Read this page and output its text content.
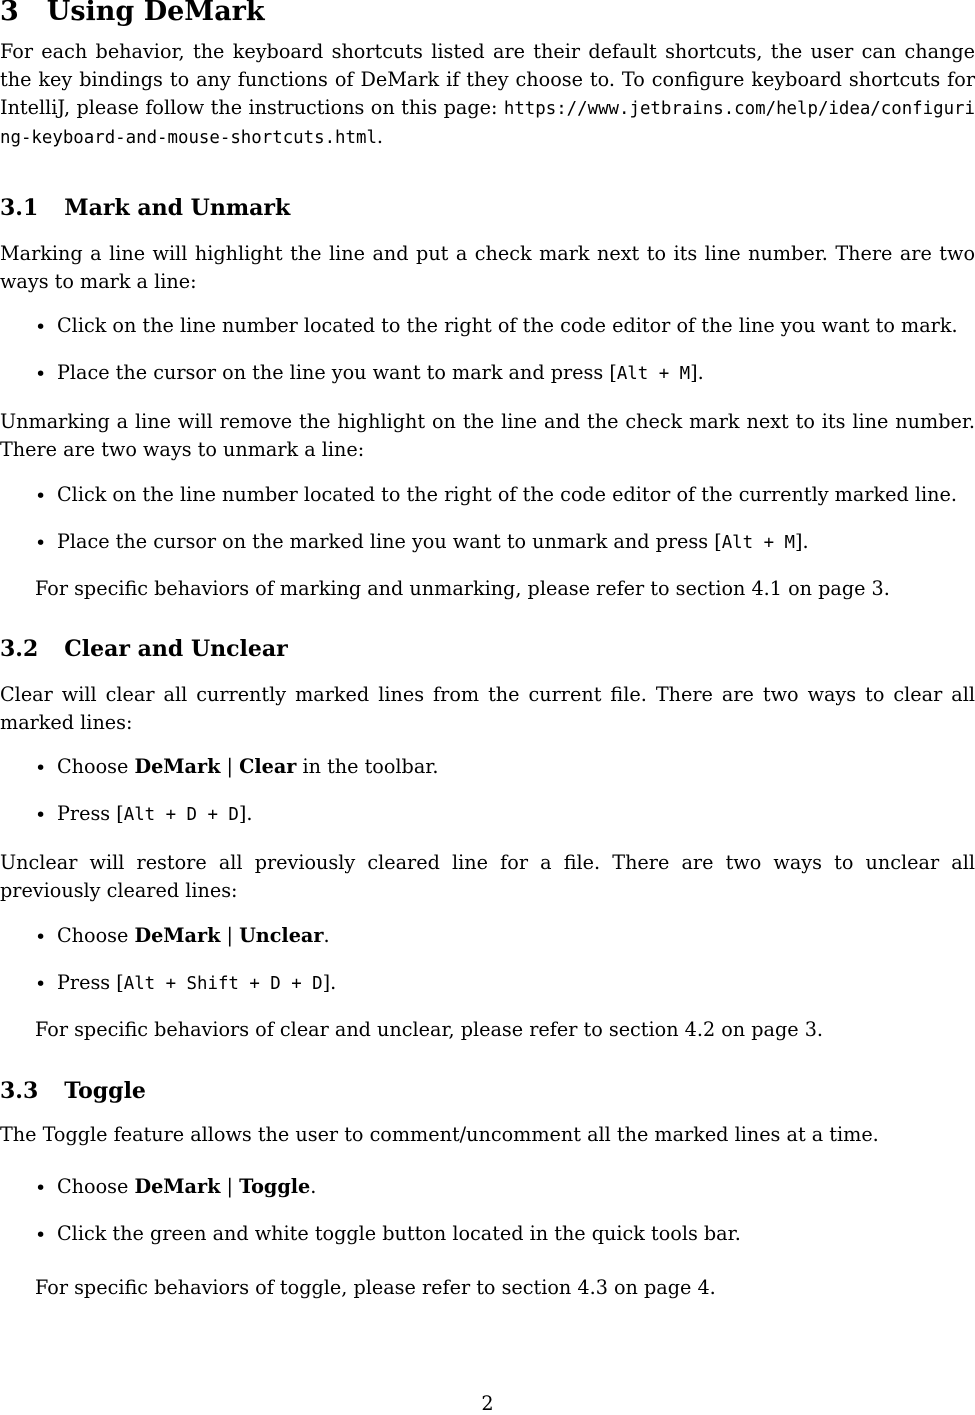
3 Using DeMark
For each behavior, the keyboard shortcuts listed are their default shortcuts, the user can change the key bindings to any functions of DeMark if they choose to. To configure keyboard shortcuts for IntelliJ, please follow the instructions on this page: https://www.jetbrains.com/help/idea/configuring-keyboard-and-mouse-shortcuts.html.
3.1 Mark and Unmark
Marking a line will highlight the line and put a check mark next to its line number. There are two ways to mark a line:
• Click on the line number located to the right of the code editor of the line you want to mark.
• Place the cursor on the line you want to mark and press [Alt + M].
Unmarking a line will remove the highlight on the line and the check mark next to its line number. There are two ways to unmark a line:
• Click on the line number located to the right of the code editor of the currently marked line.
• Place the cursor on the marked line you want to unmark and press [Alt + M].
For specific behaviors of marking and unmarking, please refer to section 4.1 on page 3.
3.2 Clear and Unclear
Clear will clear all currently marked lines from the current file. There are two ways to clear all marked lines:
• Choose DeMark | Clear in the toolbar.
• Press [Alt + D + D].
Unclear will restore all previously cleared line for a file. There are two ways to unclear all previously cleared lines:
• Choose DeMark | Unclear.
• Press [Alt + Shift + D + D].
For specific behaviors of clear and unclear, please refer to section 4.2 on page 3.
3.3 Toggle
The Toggle feature allows the user to comment/uncomment all the marked lines at a time.
• Choose DeMark | Toggle.
• Click the green and white toggle button located in the quick tools bar.
For specific behaviors of toggle, please refer to section 4.3 on page 4.
2
